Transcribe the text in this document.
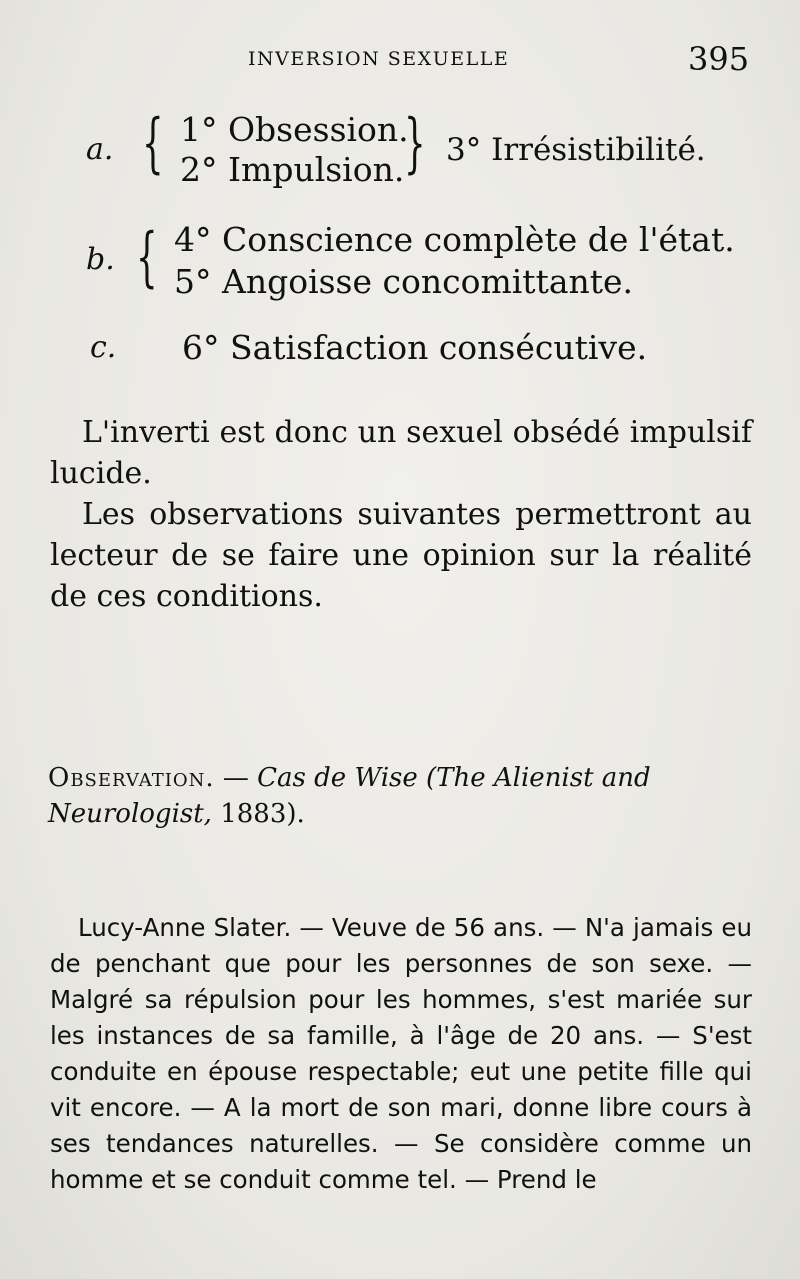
INVERSION SEXUELLE	395
a. { 1° Obsession.
2° Impulsion. } 3° Irrésistibilité.
b. { 4° Conscience complète de l'état.
5° Angoisse concomittante.
c. 6° Satisfaction consécutive.

L'inverti est donc un sexuel obsédé impulsif lucide.

Les observations suivantes permettront au lecteur de se faire une opinion sur la réalité de ces conditions.

Observation. — Cas de Wise (The Alienist and Neurologist, 1883).

Lucy-Anne Slater. — Veuve de 56 ans. — N'a jamais eu de penchant que pour les personnes de son sexe. — Malgré sa répulsion pour les hommes, s'est mariée sur les instances de sa famille, à l'âge de 20 ans. — S'est conduite en épouse respectable; eut une petite fille qui vit encore. — A la mort de son mari, donne libre cours à ses tendances naturelles. — Se considère comme un homme et se conduit comme tel. — Prend le
